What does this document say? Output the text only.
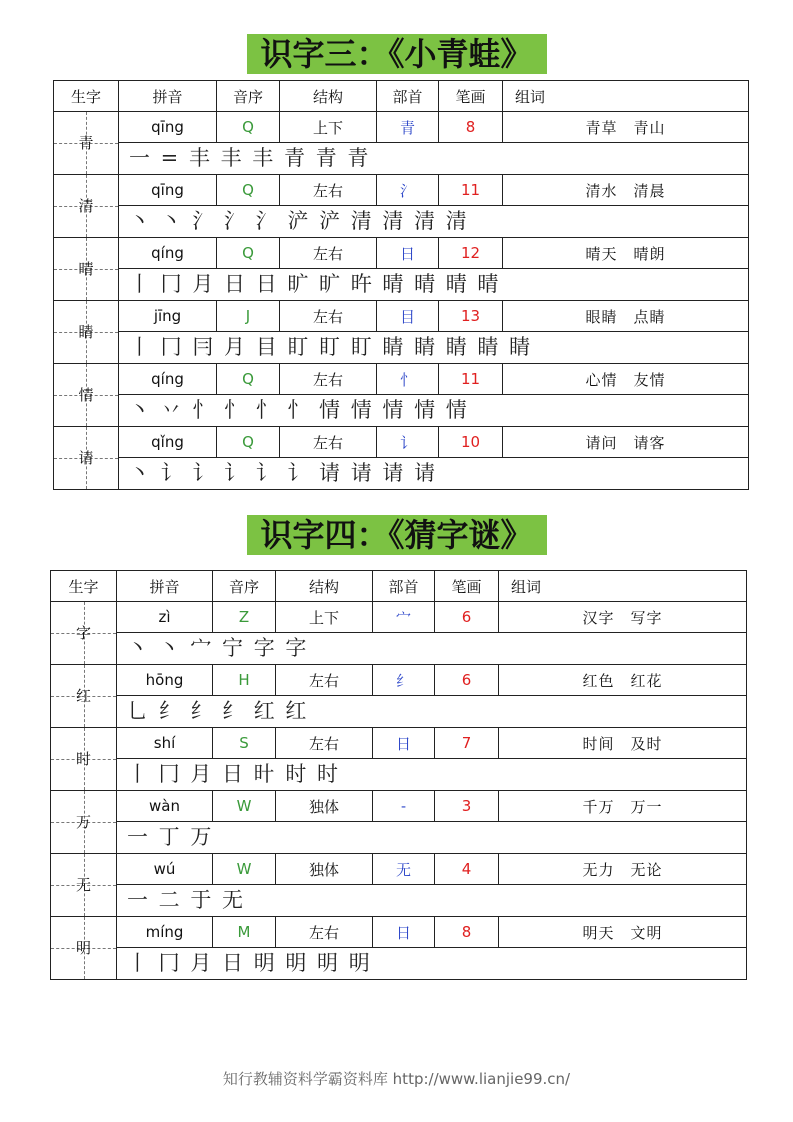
识字三：《小青蛙》
生字	拼音	音序	结构	部首	笔画	组词
青	qīng	Q	上下	青	8	青草　青山

	一 = 丰 丰 丰 青 青 青					

清	qīng	Q	左右	氵	11	清水　清晨

	丶 丶 氵 氵 氵 浐 浐 清 清 清 清					

晴	qíng	Q	左右	日	12	晴天　晴朗

	丨 冂 月 日 日 旷 旷 旿 晴 晴 晴 晴					

睛	jīng	J	左右	目	13	眼睛　点睛

	丨 冂 冃 月 目 盯 盯 盯 睛 睛 睛 睛 睛					

情	qíng	Q	左右	忄	11	心情　友情

	丶 丷 忄 忄 忄 忄 情 情 情 情 情					

请	qǐng	Q	左右	讠	10	请问　请客

	丶 讠 讠 讠 讠 讠 请 请 请 请					
识字四：《猜字谜》
生字	拼音	音序	结构	部首	笔画	组词
字	zì	Z	上下	宀	6	汉字　写字

	丶 丶 宀 宁 字 字					

红	hōng	H	左右	纟	6	红色　红花

	乚 纟 纟 纟 红 红					

时	shí	S	左右	日	7	时间　及时

	丨 冂 月 日 旪 时 时					

万	wàn	W	独体	-	3	千万　万一

	一 丁 万					

无	wú	W	独体	无	4	无力　无论

	一 二 于 无					

明	míng	M	左右	日	8	明天　文明

	丨 冂 月 日 明 明 明 明					
知行教辅资料学霸资料库 http://www.lianjie99.cn/
